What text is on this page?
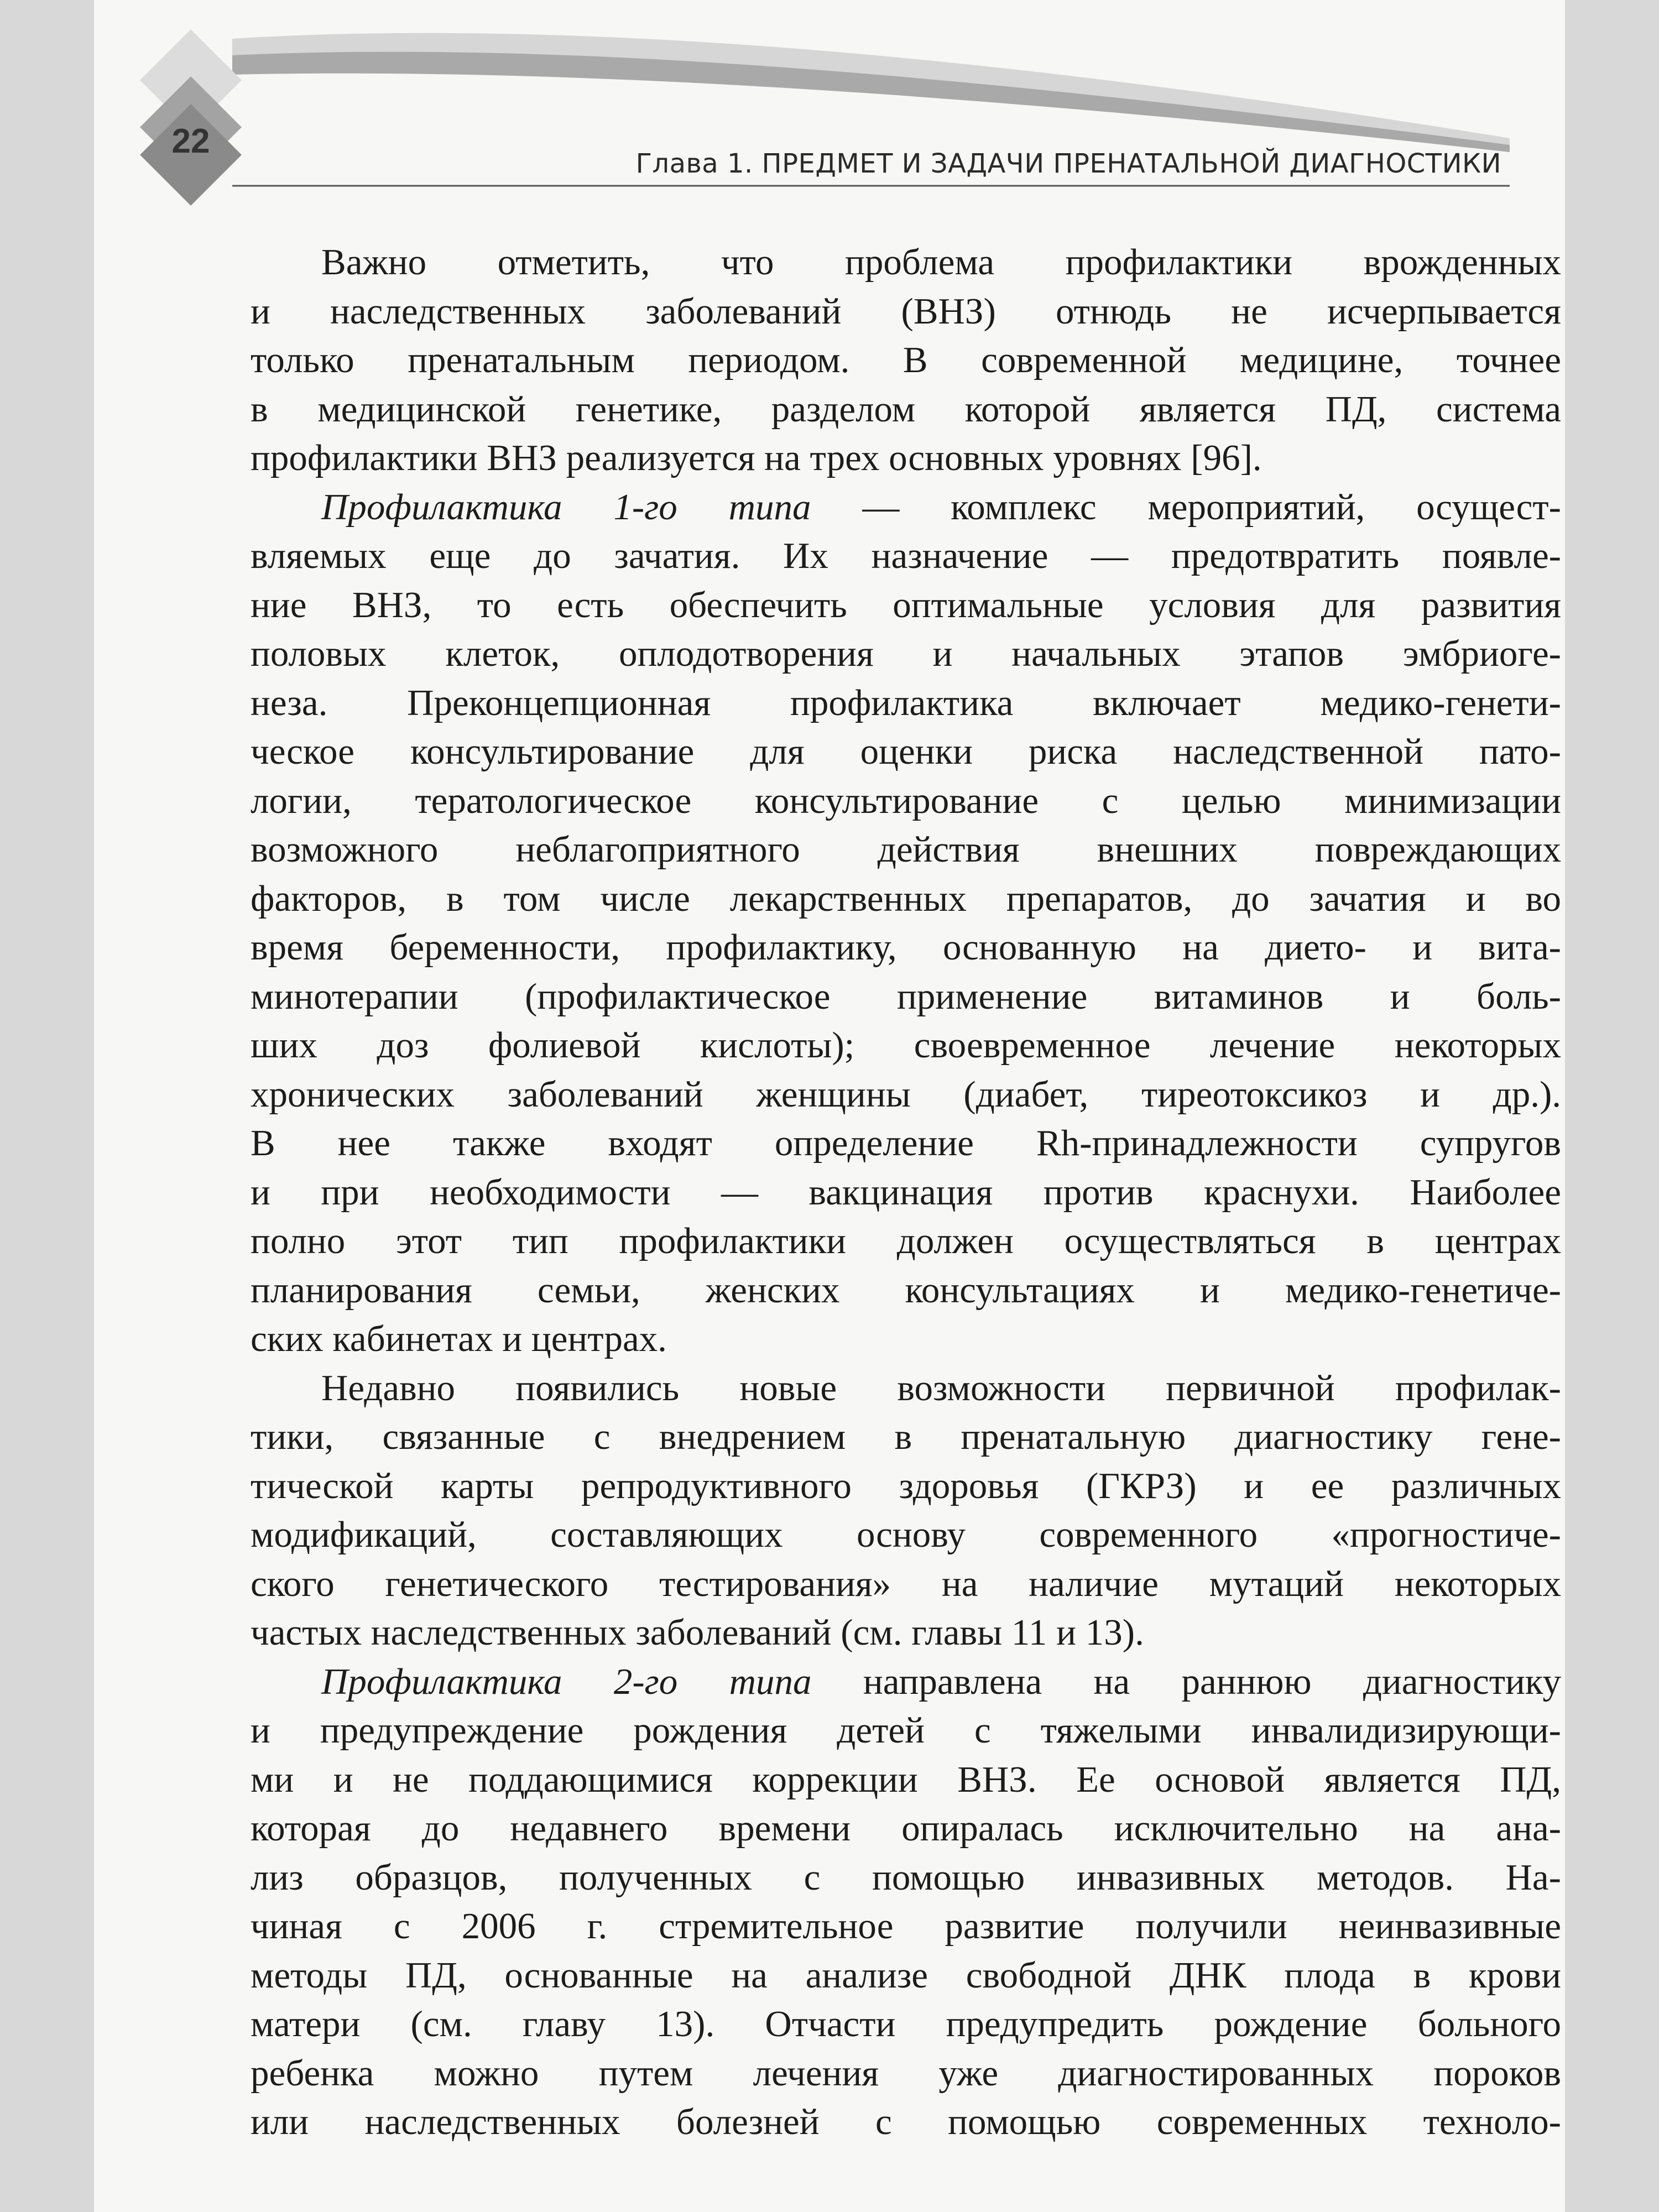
22
Глава 1. ПРЕДМЕТ И ЗАДАЧИ ПРЕНАТАЛЬНОЙ ДИАГНОСТИКИ
Важно отметить, что проблема профилактики врожденных
и наследственных заболеваний (ВНЗ) отнюдь не исчерпывается
только пренатальным периодом. В современной медицине, точнее
в медицинской генетике, разделом которой является ПД, система
профилактики ВНЗ реализуется на трех основных уровнях [96].
Профилактика 1-го типа — комплекс мероприятий, осущест-
вляемых еще до зачатия. Их назначение — предотвратить появле-
ние ВНЗ, то есть обеспечить оптимальные условия для развития
половых клеток, оплодотворения и начальных этапов эмбриоге-
неза. Преконцепционная профилактика включает медико-генети-
ческое консультирование для оценки риска наследственной пато-
логии, тератологическое консультирование с целью минимизации
возможного неблагоприятного действия внешних повреждающих
факторов, в том числе лекарственных препаратов, до зачатия и во
время беременности, профилактику, основанную на дието- и вита-
минотерапии (профилактическое применение витаминов и боль-
ших доз фолиевой кислоты); своевременное лечение некоторых
хронических заболеваний женщины (диабет, тиреотоксикоз и др.).
В нее также входят определение Rh-принадлежности супругов
и при необходимости — вакцинация против краснухи. Наиболее
полно этот тип профилактики должен осуществляться в центрах
планирования семьи, женских консультациях и медико-генетиче-
ских кабинетах и центрах.
Недавно появились новые возможности первичной профилак-
тики, связанные с внедрением в пренатальную диагностику гене-
тической карты репродуктивного здоровья (ГКРЗ) и ее различных
модификаций, составляющих основу современного «прогностиче-
ского генетического тестирования» на наличие мутаций некоторых
частых наследственных заболеваний (см. главы 11 и 13).
Профилактика 2-го типа направлена на раннюю диагностику
и предупреждение рождения детей с тяжелыми инвалидизирующи-
ми и не поддающимися коррекции ВНЗ. Ее основой является ПД,
которая до недавнего времени опиралась исключительно на ана-
лиз образцов, полученных с помощью инвазивных методов. На-
чиная с 2006 г. стремительное развитие получили неинвазивные
методы ПД, основанные на анализе свободной ДНК плода в крови
матери (см. главу 13). Отчасти предупредить рождение больного
ребенка можно путем лечения уже диагностированных пороков
или наследственных болезней с помощью современных техноло-
